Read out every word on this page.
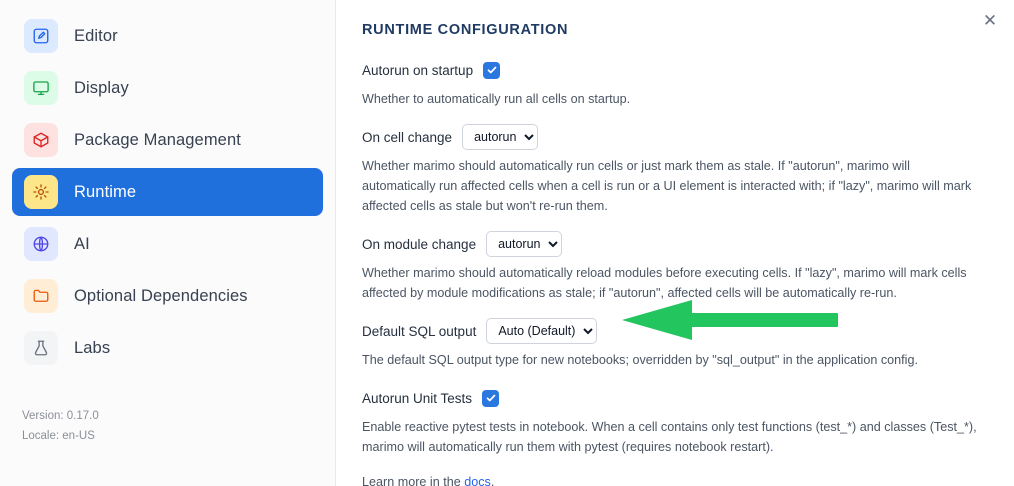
Editor
Display
Package Management
Runtime
AI
Optional Dependencies
Labs
Version: 0.17.0
Locale: en-US
✕
RUNTIME CONFIGURATION
Autorun on startup
Whether to automatically run all cells on startup.
On cell change
autorun
Whether marimo should automatically run cells or just mark them as stale. If "autorun", marimo will automatically run affected cells when a cell is run or a UI element is interacted with; if "lazy", marimo will mark affected cells as stale but won't re-run them.
On module change
autorun
Whether marimo should automatically reload modules before executing cells. If "lazy", marimo will mark cells affected by module modifications as stale; if "autorun", affected cells will be automatically re-run.
Default SQL output
Auto (Default)
The default SQL output type for new notebooks; overridden by "sql_output" in the application config.
Autorun Unit Tests
Enable reactive pytest tests in notebook. When a cell contains only test functions (test_*) and classes (Test_*), marimo will automatically run them with pytest (requires notebook restart).
Learn more in the docs.
